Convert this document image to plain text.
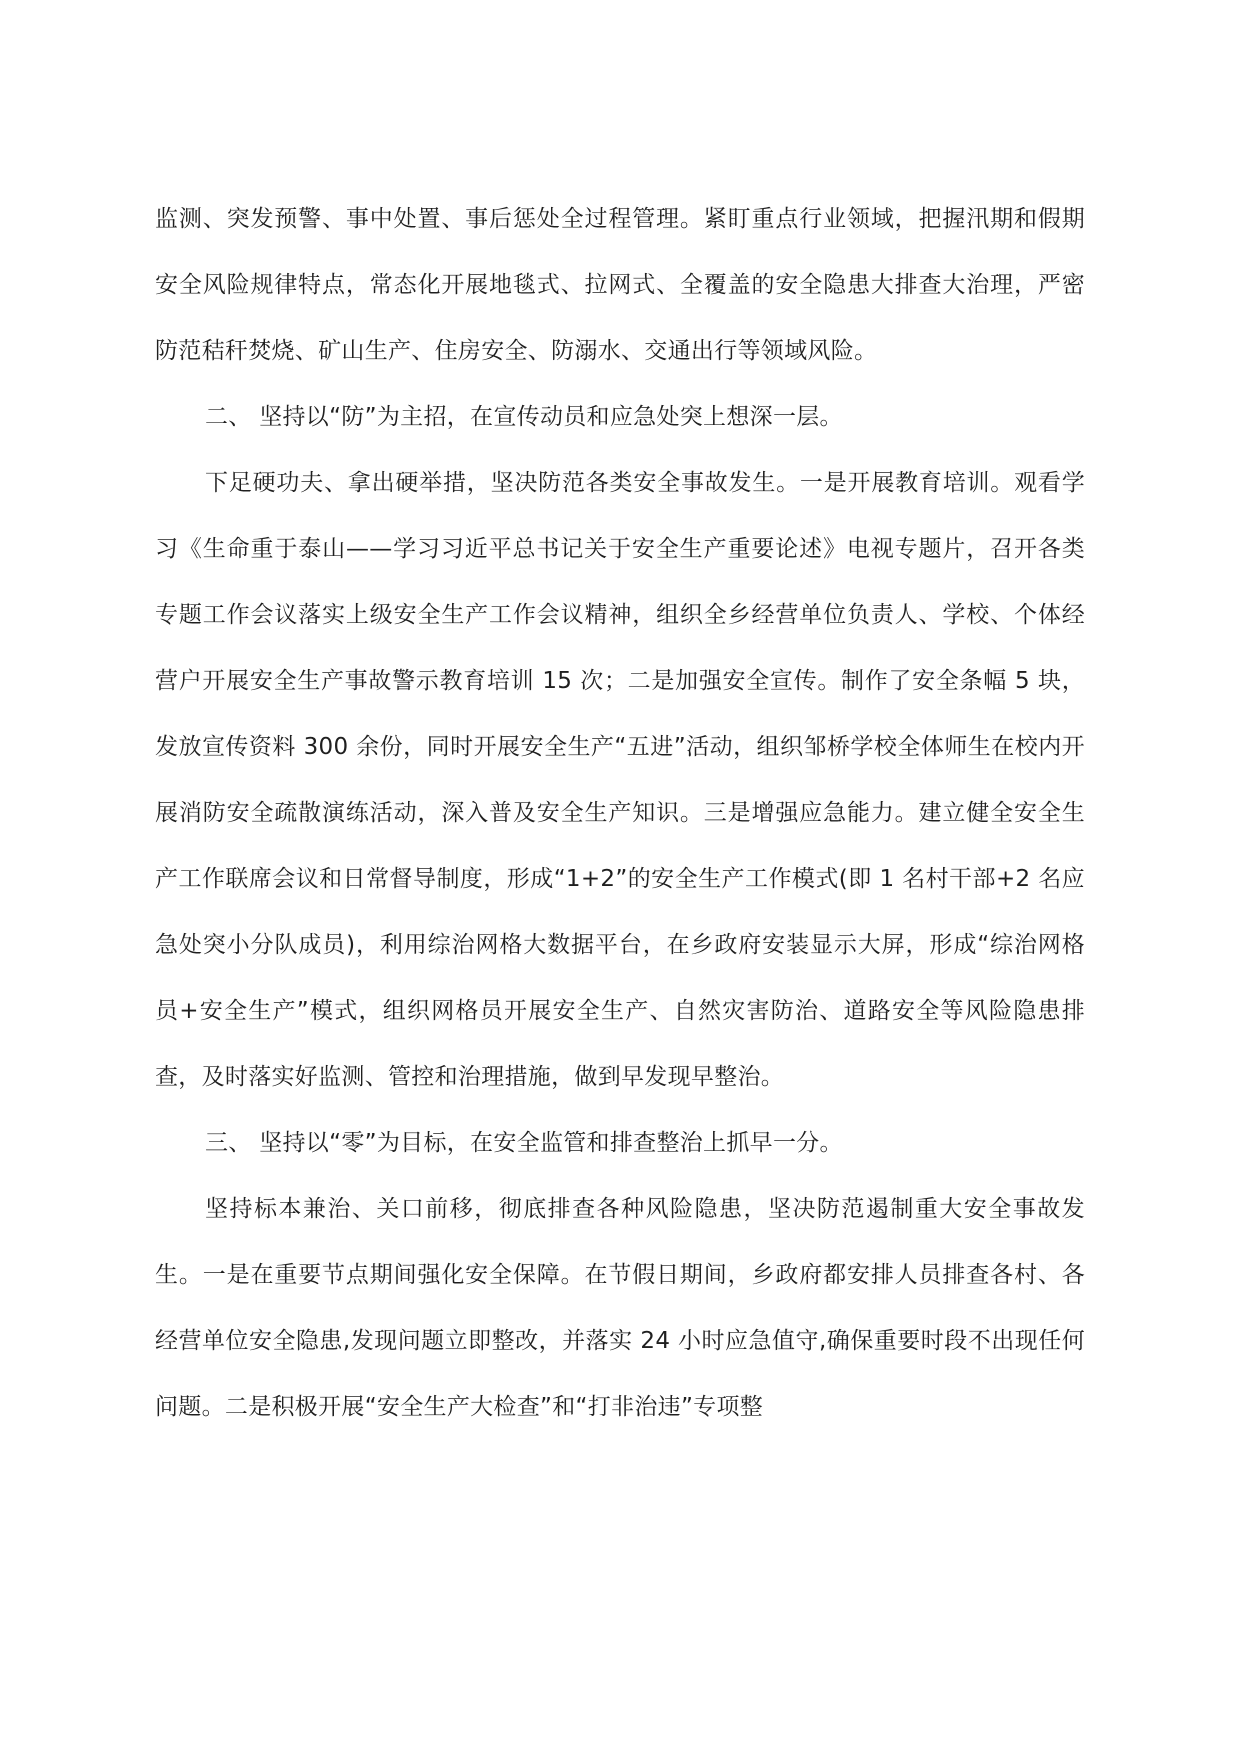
监测、突发预警、事中处置、事后惩处全过程管理。紧盯重点行业领域，把握汛期和假期安全风险规律特点，常态化开展地毯式、拉网式、全覆盖的安全隐患大排查大治理，严密防范秸秆焚烧、矿山生产、住房安全、防溺水、交通出行等领域风险。

二、 坚持以“防”为主招，在宣传动员和应急处突上想深一层。

下足硬功夫、拿出硬举措，坚决防范各类安全事故发生。一是开展教育培训。观看学习《生命重于泰山——学习习近平总书记关于安全生产重要论述》电视专题片，召开各类专题工作会议落实上级安全生产工作会议精神，组织全乡经营单位负责人、学校、个体经营户开展安全生产事故警示教育培训 15 次；二是加强安全宣传。制作了安全条幅 5 块，发放宣传资料 300 余份，同时开展安全生产“五进”活动，组织邹桥学校全体师生在校内开展消防安全疏散演练活动，深入普及安全生产知识。三是增强应急能力。建立健全安全生产工作联席会议和日常督导制度，形成“1+2”的安全生产工作模式(即 1 名村干部+2 名应急处突小分队成员)，利用综治网格大数据平台，在乡政府安装显示大屏，形成“综治网格员+安全生产”模式，组织网格员开展安全生产、自然灾害防治、道路安全等风险隐患排查，及时落实好监测、管控和治理措施，做到早发现早整治。

三、 坚持以“零”为目标，在安全监管和排查整治上抓早一分。

坚持标本兼治、关口前移，彻底排查各种风险隐患，坚决防范遏制重大安全事故发生。一是在重要节点期间强化安全保障。在节假日期间，乡政府都安排人员排查各村、各经营单位安全隐患,发现问题立即整改，并落实 24 小时应急值守,确保重要时段不出现任何问题。二是积极开展“安全生产大检查”和“打非治违”专项整
